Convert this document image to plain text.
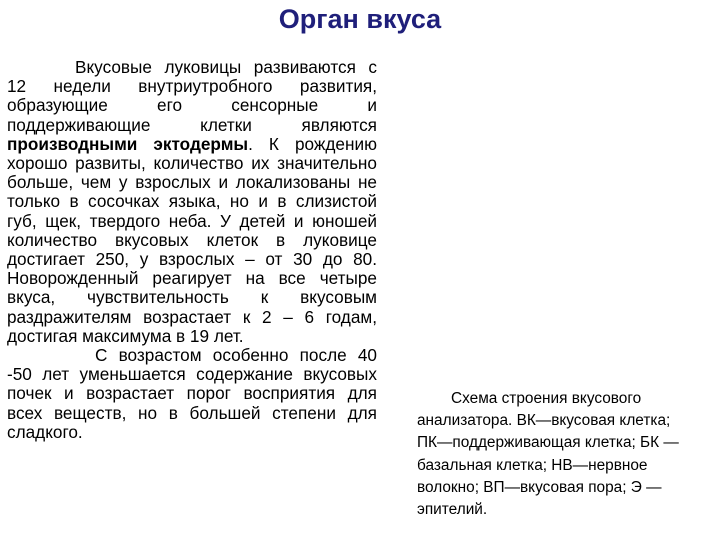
Орган вкуса

Вкусовые луковицы развиваются с 12 недели внутриутробного развития, образующие его сенсорные и поддерживающие клетки являются производными эктодермы. К рождению хорошо развиты, количество их значительно больше, чем у взрослых и локализованы не только в сосочках языка, но и в слизистой губ, щек, твердого неба. У детей и юношей количество вкусовых клеток в луковице достигает 250, у взрослых – от 30 до 80. Новорожденный реагирует на все четыре вкуса, чувствительность к вкусовым раздражителям возрастает к 2 – 6 годам, достигая максимума в 19 лет.

С возрастом особенно после 40 -50 лет уменьшается содержание вкусовых почек и возрастает порог восприятия для всех веществ, но в большей степени для сладкого.

Схема строения вкусового анализатора. ВК—вкусовая клетка; ПК—поддерживающая клетка; БК — базальная клетка; НВ—нервное волокно; ВП—вкусовая пора; Э — эпителий.
